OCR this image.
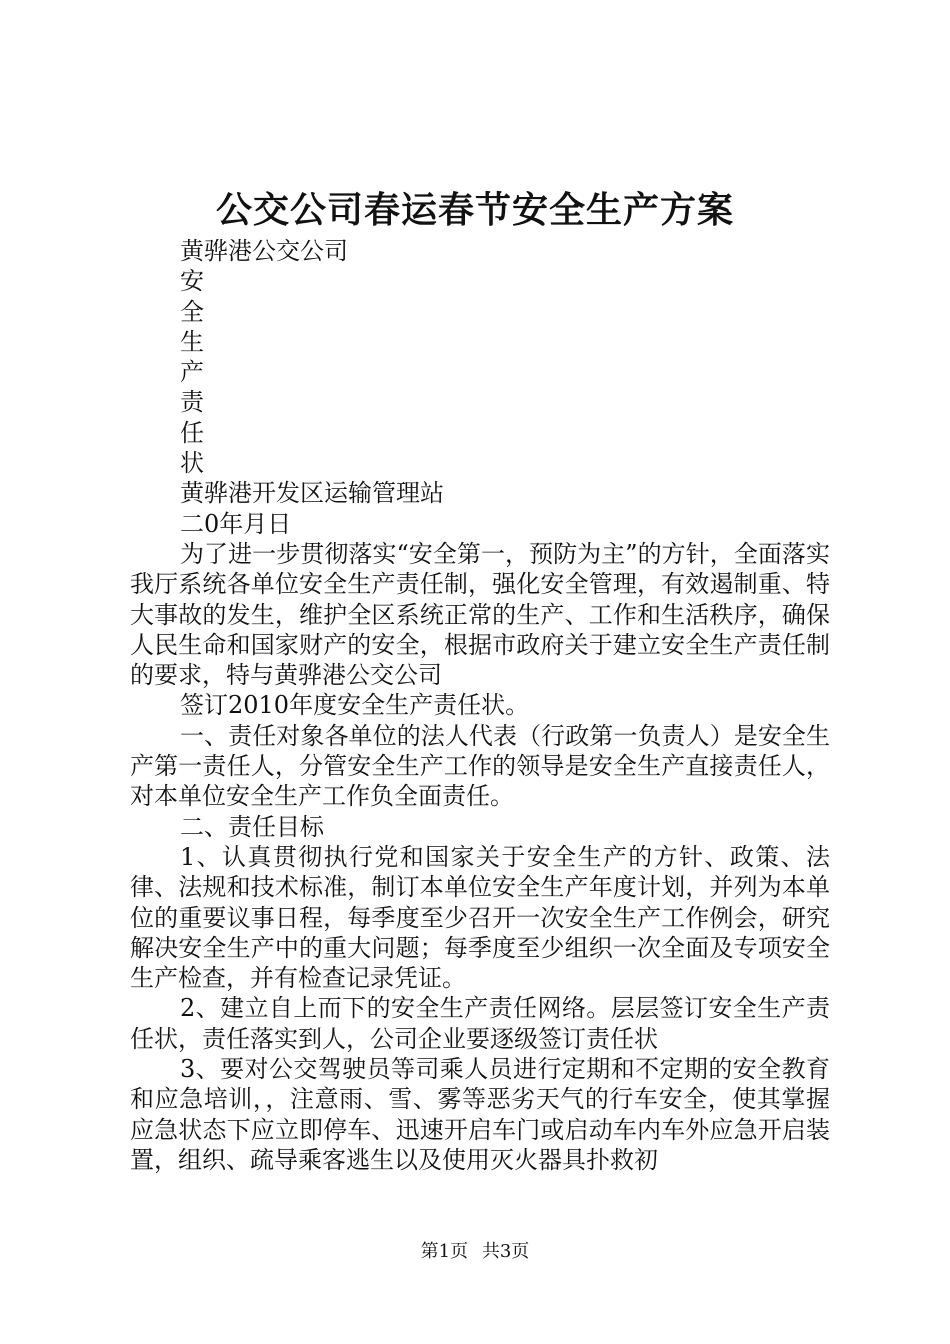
公交公司春运春节安全生产方案
黄骅港公交公司
安
全
生
产
责
任
状
黄骅港开发区运输管理站
二0年月日
为了进一步贯彻落实“安全第一，预防为主”的方针，全面落实我厅系统各单位安全生产责任制，强化安全管理，有效遏制重、特大事故的发生，维护全区系统正常的生产、工作和生活秩序，确保人民生命和国家财产的安全，根据市政府关于建立安全生产责任制的要求，特与黄骅港公交公司
签订2010年度安全生产责任状。
一、责任对象各单位的法人代表（行政第一负责人）是安全生产第一责任人，分管安全生产工作的领导是安全生产直接责任人，对本单位安全生产工作负全面责任。
二、责任目标
1、认真贯彻执行党和国家关于安全生产的方针、政策、法律、法规和技术标准，制订本单位安全生产年度计划，并列为本单位的重要议事日程，每季度至少召开一次安全生产工作例会，研究解决安全生产中的重大问题；每季度至少组织一次全面及专项安全生产检查，并有检查记录凭证。
2、建立自上而下的安全生产责任网络。层层签订安全生产责任状，责任落实到人，公司企业要逐级签订责任状
3、要对公交驾驶员等司乘人员进行定期和不定期的安全教育和应急培训，，注意雨、雪、雾等恶劣天气的行车安全，使其掌握应急状态下应立即停车、迅速开启车门或启动车内车外应急开启装置，组织、疏导乘客逃生以及使用灭火器具扑救初
第1页 共3页
